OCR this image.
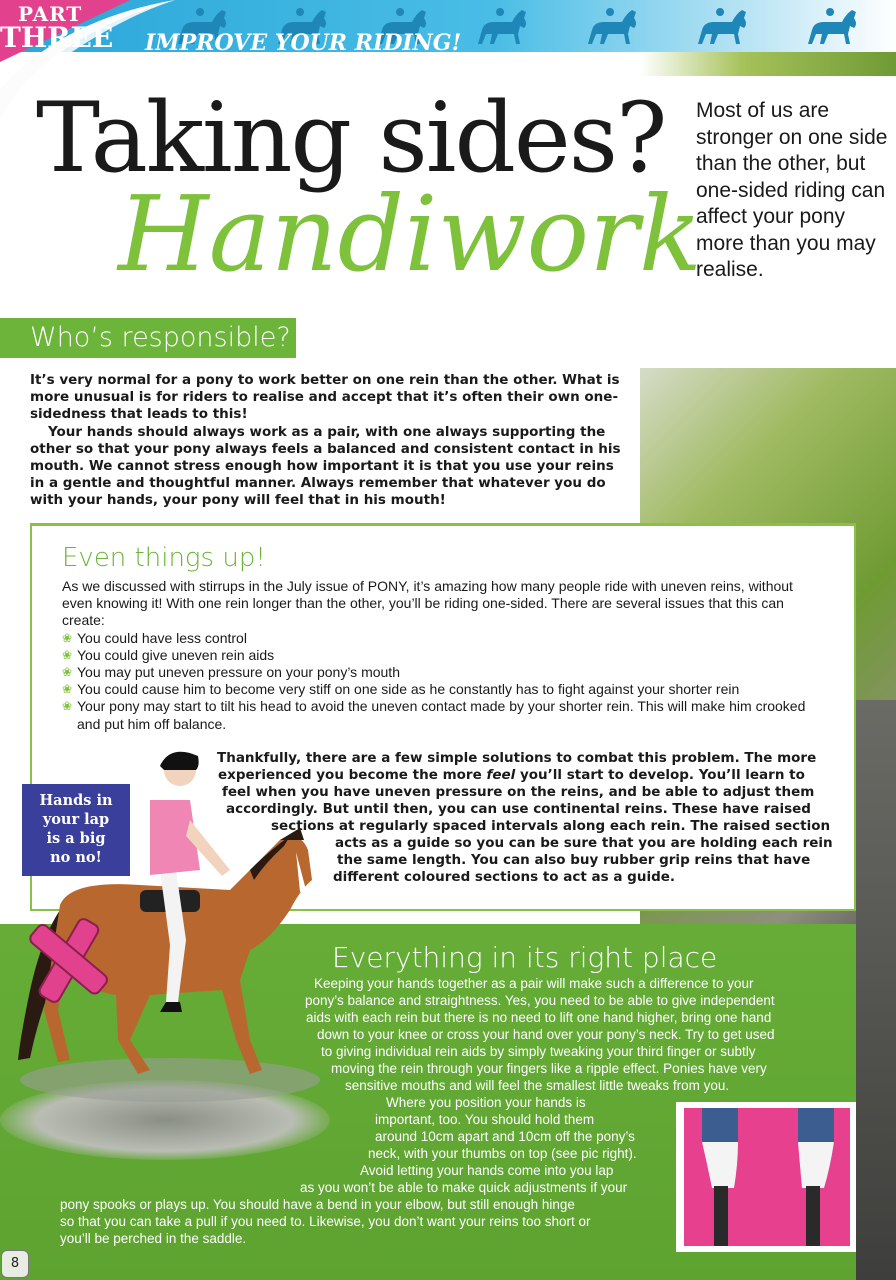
PART
THREE IMPROVE YOUR RIDING!
Taking sides?
Handiwork
Most of us are stronger on one side than the other, but one-sided riding can affect your pony more than you may realise.
Who’s responsible?

It’s very normal for a pony to work better on one rein than the other. What is more unusual is for riders to realise and accept that it’s often their own one-sidedness that leads to this!

Your hands should always work as a pair, with one always supporting the other so that your pony always feels a balanced and consistent contact in his mouth. We cannot stress enough how important it is that you use your reins in a gentle and thoughtful manner. Always remember that whatever you do with your hands, your pony will feel that in his mouth!

Even things up!

As we discussed with stirrups in the July issue of PONY, it’s amazing how many people ride with uneven reins, without even knowing it! With one rein longer than the other, you’ll be riding one-sided. There are several issues that this can create:

❀ You could have less control
❀ You could give uneven rein aids
❀ You may put uneven pressure on your pony’s mouth
❀ You could cause him to become very stiff on one side as he constantly has to fight against your shorter rein
❀ Your pony may start to tilt his head to avoid the uneven contact made by your shorter rein. This will make him crooked and put him off balance.
Thankfully, there are a few simple solutions to combat this problem. The more
experienced you become the more feel you’ll start to develop. You’ll learn to
feel when you have uneven pressure on the reins, and be able to adjust them
accordingly. But until then, you can use continental reins. These have raised
sections at regularly spaced intervals along each rein. The raised section
acts as a guide so you can be sure that you are holding each rein
the same length. You can also buy rubber grip reins that have
different coloured sections to act as a guide.
Hands in
your lap
is a big
no no!
Everything in its right place
Keeping your hands together as a pair will make such a difference to your
pony’s balance and straightness. Yes, you need to be able to give independent
aids with each rein but there is no need to lift one hand higher, bring one hand
down to your knee or cross your hand over your pony’s neck. Try to get used
to giving individual rein aids by simply tweaking your third finger or subtly
moving the rein through your fingers like a ripple effect. Ponies have very
sensitive mouths and will feel the smallest little tweaks from you.
Where you position your hands is
important, too. You should hold them
around 10cm apart and 10cm off the pony’s
neck, with your thumbs on top (see pic right).
Avoid letting your hands come into you lap
as you won’t be able to make quick adjustments if your
pony spooks or plays up. You should have a bend in your elbow, but still enough hinge
so that you can take a pull if you need to. Likewise, you don’t want your reins too short or
you’ll be perched in the saddle.
8
